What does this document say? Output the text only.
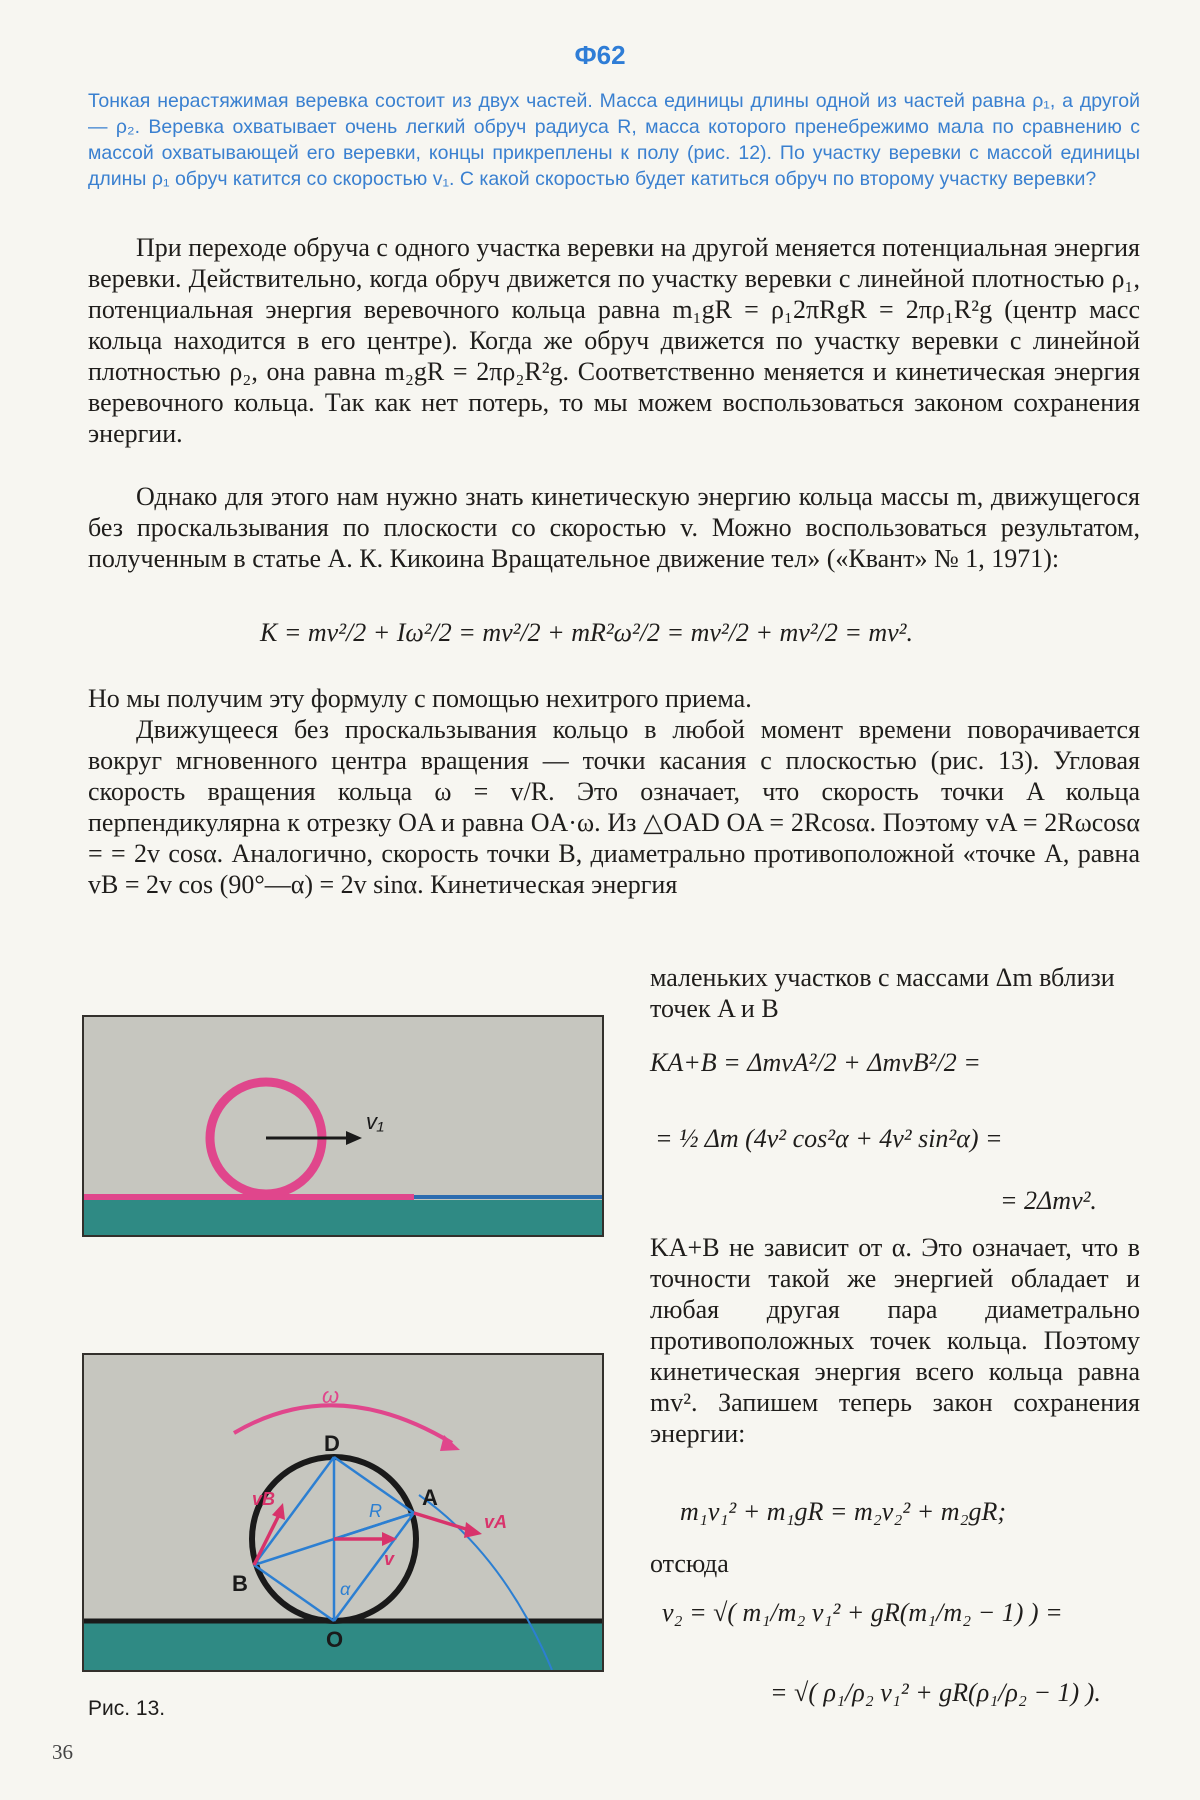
Ф62
Тонкая нерастяжимая веревка состоит из двух частей. Масса единицы длины одной из частей равна ρ₁, а другой — ρ₂. Веревка охватывает очень легкий обруч радиуса R, масса которого пренебрежимо мала по сравнению с массой охватывающей его веревки, концы прикреплены к полу (рис. 12). По участку веревки с массой единицы длины ρ₁ обруч катится со скоростью v₁. С какой скоростью будет катиться обруч по второму участку веревки?
При переходе обруча с одного участка веревки на другой меняется потенциальная энергия веревки. Действительно, когда обруч движется по участку веревки с линейной плотностью ρ₁, потенциальная энергия веревочного кольца равна m₁gR = ρ₁2πRgR = 2πρ₁R²g (центр масс кольца находится в его центре). Когда же обруч движется по участку веревки с линейной плотностью ρ₂, она равна m₂gR = 2πρ₂R²g. Соответственно меняется и кинетическая энергия веревочного кольца. Так как нет потерь, то мы можем воспользоваться законом сохранения энергии.
Однако для этого нам нужно знать кинетическую энергию кольца массы m, движущегося без проскальзывания по плоскости со скоростью v. Можно воспользоваться результатом, полученным в статье А. К. Кикоина Вращательное движение тел» («Квант» № 1, 1971):
K = mv²/2 + Iω²/2 = mv²/2 + mR²ω²/2 = mv²/2 + mv²/2 = mv².
Но мы получим эту формулу с помощью нехитрого приема.
Движущееся без проскальзывания кольцо в любой момент времени поворачивается вокруг мгновенного центра вращения — точки касания с плоскостью (рис. 13). Угловая скорость вращения кольца ω = v/R. Это означает, что скорость точки A кольца перпендикулярна к отрезку OA и равна OA·ω. Из △OAD OA = 2Rcosα. Поэтому vA = 2Rωcosα = = 2v cosα. Аналогично, скорость точки B, диаметрально противоположной «точке A, равна vB = 2v cos (90°—α) = 2v sinα. Кинетическая энергия
маленьких участков с массами Δm вблизи точек A и B
KA+B = ΔmvA²/2 + ΔmvB²/2 =
= ½ Δm (4v² cos²α + 4v² sin²α) =
= 2Δmv².
KA+B не зависит от α. Это означает, что в точности такой же энергией обладает и любая другая пара диаметрально противоположных точек кольца. Поэтому кинетическая энергия всего кольца равна mv². Запишем теперь закон сохранения энергии:
m₁v₁² + m₁gR = m₂v₂² + m₂gR;
отсюда
v₂ = √( m₁/m₂ v₁² + gR(m₁/m₂ − 1) ) =
= √( ρ₁/ρ₂ v₁² + gR(ρ₁/ρ₂ − 1) ).
v₁
ω
D
A
B
O
R
α
vA
vB
v
Рис. 13.
36
